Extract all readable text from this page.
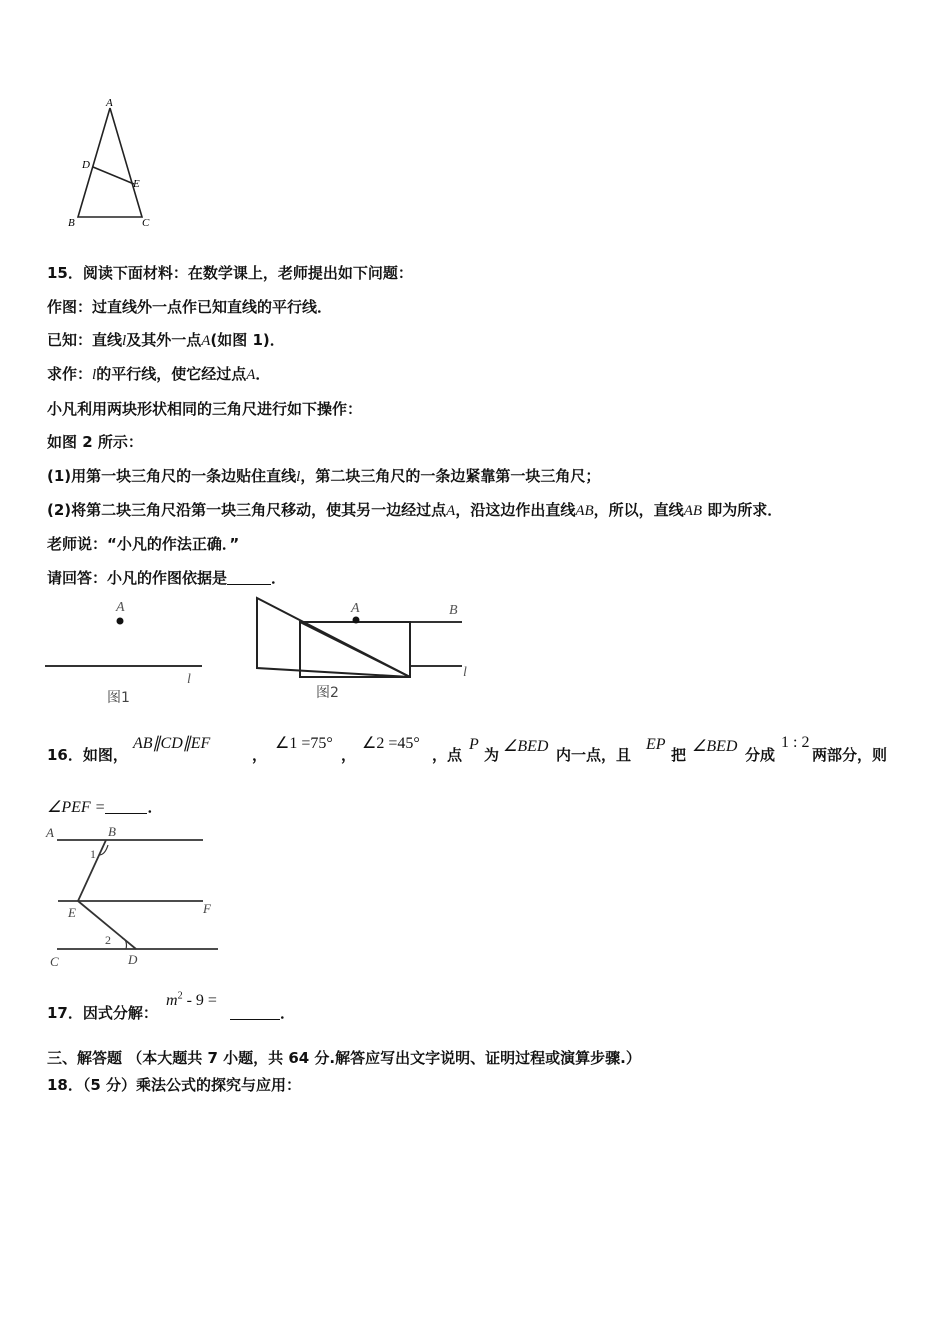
A
D
E
B	C
15．阅读下面材料：在数学课上，老师提出如下问题：
作图：过直线外一点作已知直线的平行线．
已知：直线l及其外一点A(如图 1)．
求作：l的平行线，使它经过点A．
小凡利用两块形状相同的三角尺进行如下操作：
如图 2 所示：
(1)用第一块三角尺的一条边贴住直线l，第二块三角尺的一条边紧靠第一块三角尺；
(2)将第二块三角尺沿第一块三角尺移动，使其另一边经过点A，沿这边作出直线AB，所以，直线AB 即为所求．
老师说：“小凡的作法正确．”
请回答：小凡的作图依据是	．
A
l
图1
A	B
l
图2
16．如图，
AB∥CD∥EF
，
∠1 =75°
，
∠2 =45°
，点
P
为 ∠BED 内一点，且
EP
把 ∠BED 分成
1 : 2
两部分，则
∠PEF =	．
A	B
1
E	F
2
C	D
17．因式分解：
$m^2 - 9$ =
．
三、解答题 （本大题共 7 小题，共 64 分.解答应写出文字说明、证明过程或演算步骤.）
18．（5 分）乘法公式的探究与应用：
